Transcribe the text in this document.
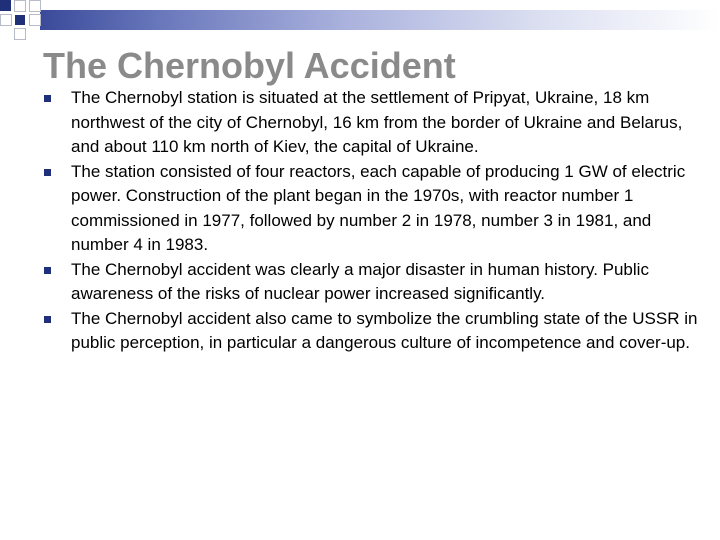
The Chernobyl Accident
The Chernobyl station is situated at the settlement of Pripyat, Ukraine, 18 km northwest of the city of Chernobyl, 16 km from the border of Ukraine and Belarus, and about 110 km north of Kiev, the capital of Ukraine.
The station consisted of four reactors, each capable of producing 1 GW of electric power. Construction of the plant began in the 1970s, with reactor number 1 commissioned in 1977, followed by number 2 in 1978, number 3 in 1981, and number 4 in 1983.
The Chernobyl accident was clearly a major disaster in human history. Public awareness of the risks of nuclear power increased significantly.
The Chernobyl accident also came to symbolize the crumbling state of the USSR in public perception, in particular a dangerous culture of incompetence and cover-up.
